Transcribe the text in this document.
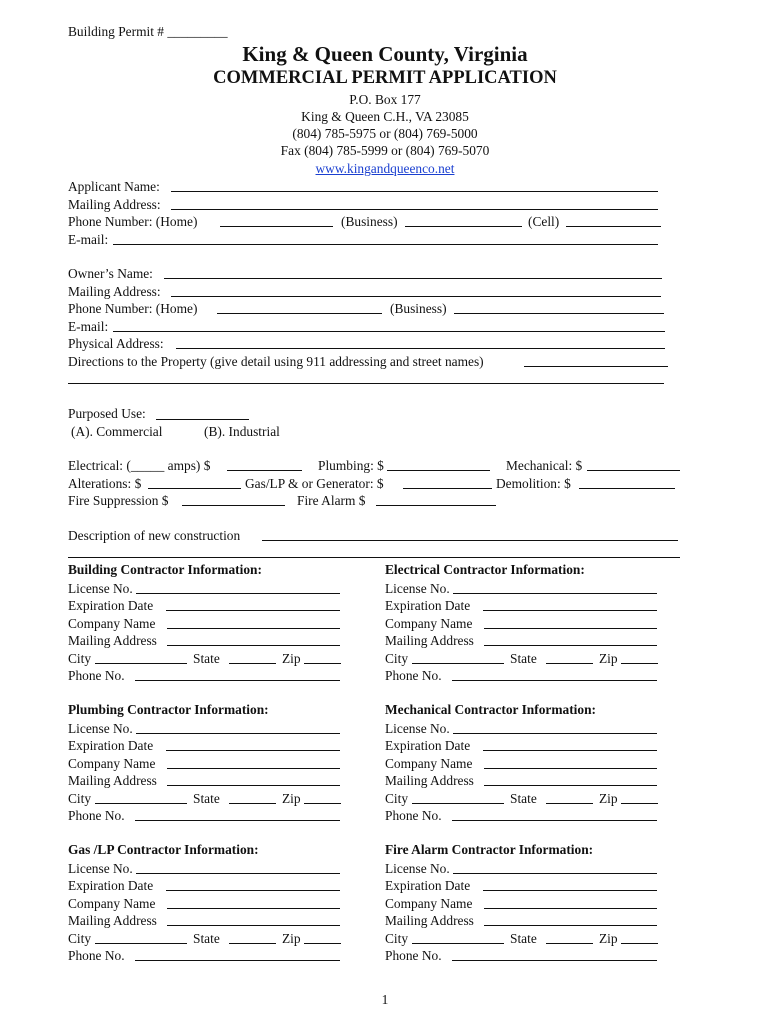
Building Permit # _________
King & Queen County, Virginia
COMMERCIAL PERMIT APPLICATION
P.O. Box 177
King & Queen C.H., VA 23085
(804) 785-5975 or (804) 769-5000
Fax (804) 785-5999 or (804) 769-5070
www.kingandqueenco.net
Applicant Name:
Mailing Address:
Phone Number: (Home)	(Business)	(Cell)
E-mail:
Owner’s Name:
Mailing Address:
Phone Number: (Home)	(Business)
E-mail:
Physical Address:
Directions to the Property (give detail using 911 addressing and street names)
Purposed Use:
(A). Commercial	(B). Industrial
Electrical: (_____ amps) $	Plumbing: $	Mechanical: $
Alterations: $	Gas/LP & or Generator: $	Demolition: $
Fire Suppression $	Fire Alarm $
Description of new construction
Building Contractor Information:
License No.
Expiration Date
Company Name
Mailing Address
City	State	Zip
Phone No.
Electrical Contractor Information:
License No.
Expiration Date
Company Name
Mailing Address
City	State	Zip
Phone No.
Plumbing Contractor Information:
License No.
Expiration Date
Company Name
Mailing Address
City	State	Zip
Phone No.
Mechanical Contractor Information:
License No.
Expiration Date
Company Name
Mailing Address
City	State	Zip
Phone No.
Gas /LP Contractor Information:
License No.
Expiration Date
Company Name
Mailing Address
City	State	Zip
Phone No.
Fire Alarm Contractor Information:
License No.
Expiration Date
Company Name
Mailing Address
City	State	Zip
Phone No.
1
